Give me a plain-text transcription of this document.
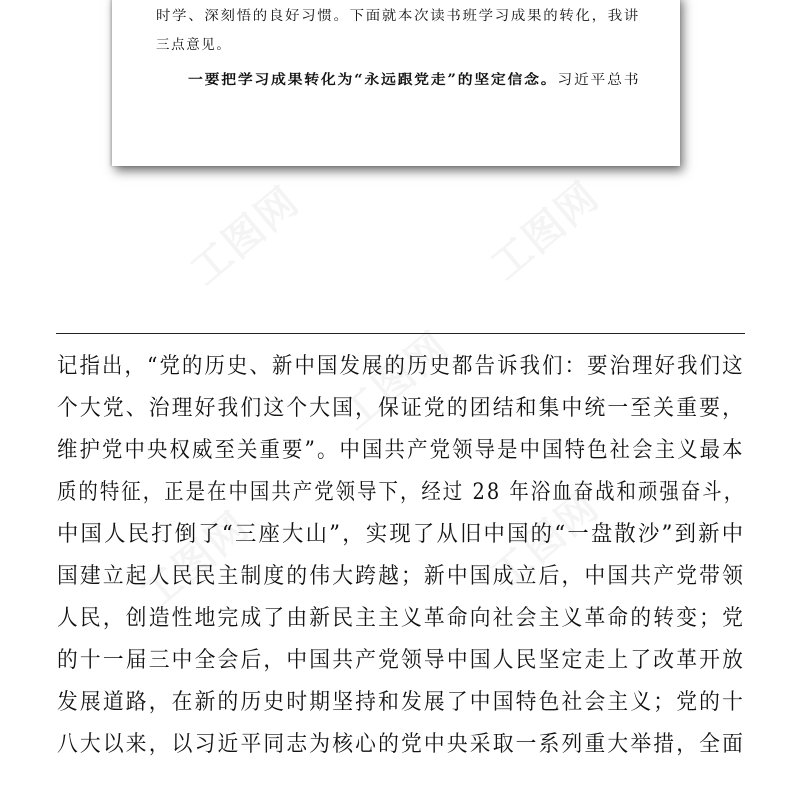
工图网	工图网
工图网
工图网	工图网
时学、深刻悟的良好习惯。下面就本次读书班学习成果的转化，我讲
三点意见。
一要把学习成果转化为“永远跟党走”的坚定信念。习近平总书
记指出，“党的历史、新中国发展的历史都告诉我们：要治理好我们这
个大党、治理好我们这个大国，保证党的团结和集中统一至关重要，
维护党中央权威至关重要”。中国共产党领导是中国特色社会主义最本
质的特征，正是在中国共产党领导下，经过 28 年浴血奋战和顽强奋斗，
中国人民打倒了“三座大山”，实现了从旧中国的“一盘散沙”到新中
国建立起人民民主制度的伟大跨越；新中国成立后，中国共产党带领
人民，创造性地完成了由新民主主义革命向社会主义革命的转变；党
的十一届三中全会后，中国共产党领导中国人民坚定走上了改革开放
发展道路，在新的历史时期坚持和发展了中国特色社会主义；党的十
八大以来，以习近平同志为核心的党中央采取一系列重大举措，全面
